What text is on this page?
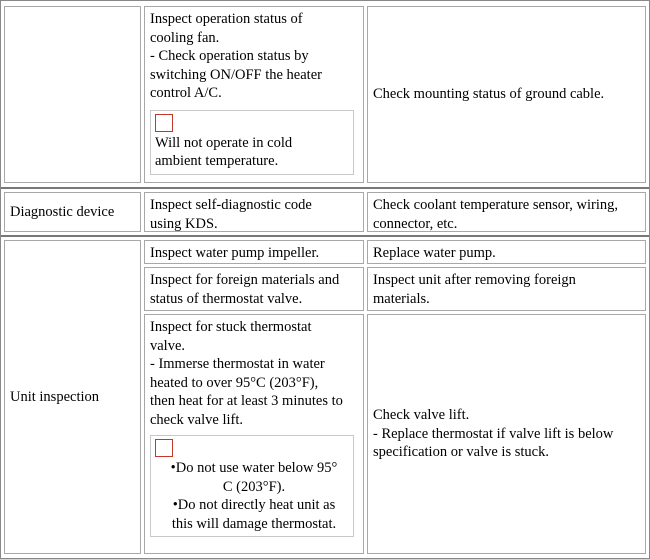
Inspect operation status of
cooling fan.
- Check operation status by
switching ON/OFF the heater
control A/C.
Will not operate in cold
ambient temperature.
Check mounting status of ground cable.
Diagnostic device Inspect self-diagnostic code
using KDS.
Check coolant temperature sensor, wiring,
connector, etc.
Unit inspection
Inspect water pump impeller.	Replace water pump.
Inspect for foreign materials and
status of thermostat valve.
Inspect unit after removing foreign
materials.
Inspect for stuck thermostat
valve.
- Immerse thermostat in water
heated to over 95°C (203°F),
then heat for at least 3 minutes to
check valve lift.
•Do not use water below 95°
C (203°F).
•Do not directly heat unit as
this will damage thermostat.
Check valve lift.
- Replace thermostat if valve lift is below
specification or valve is stuck.
